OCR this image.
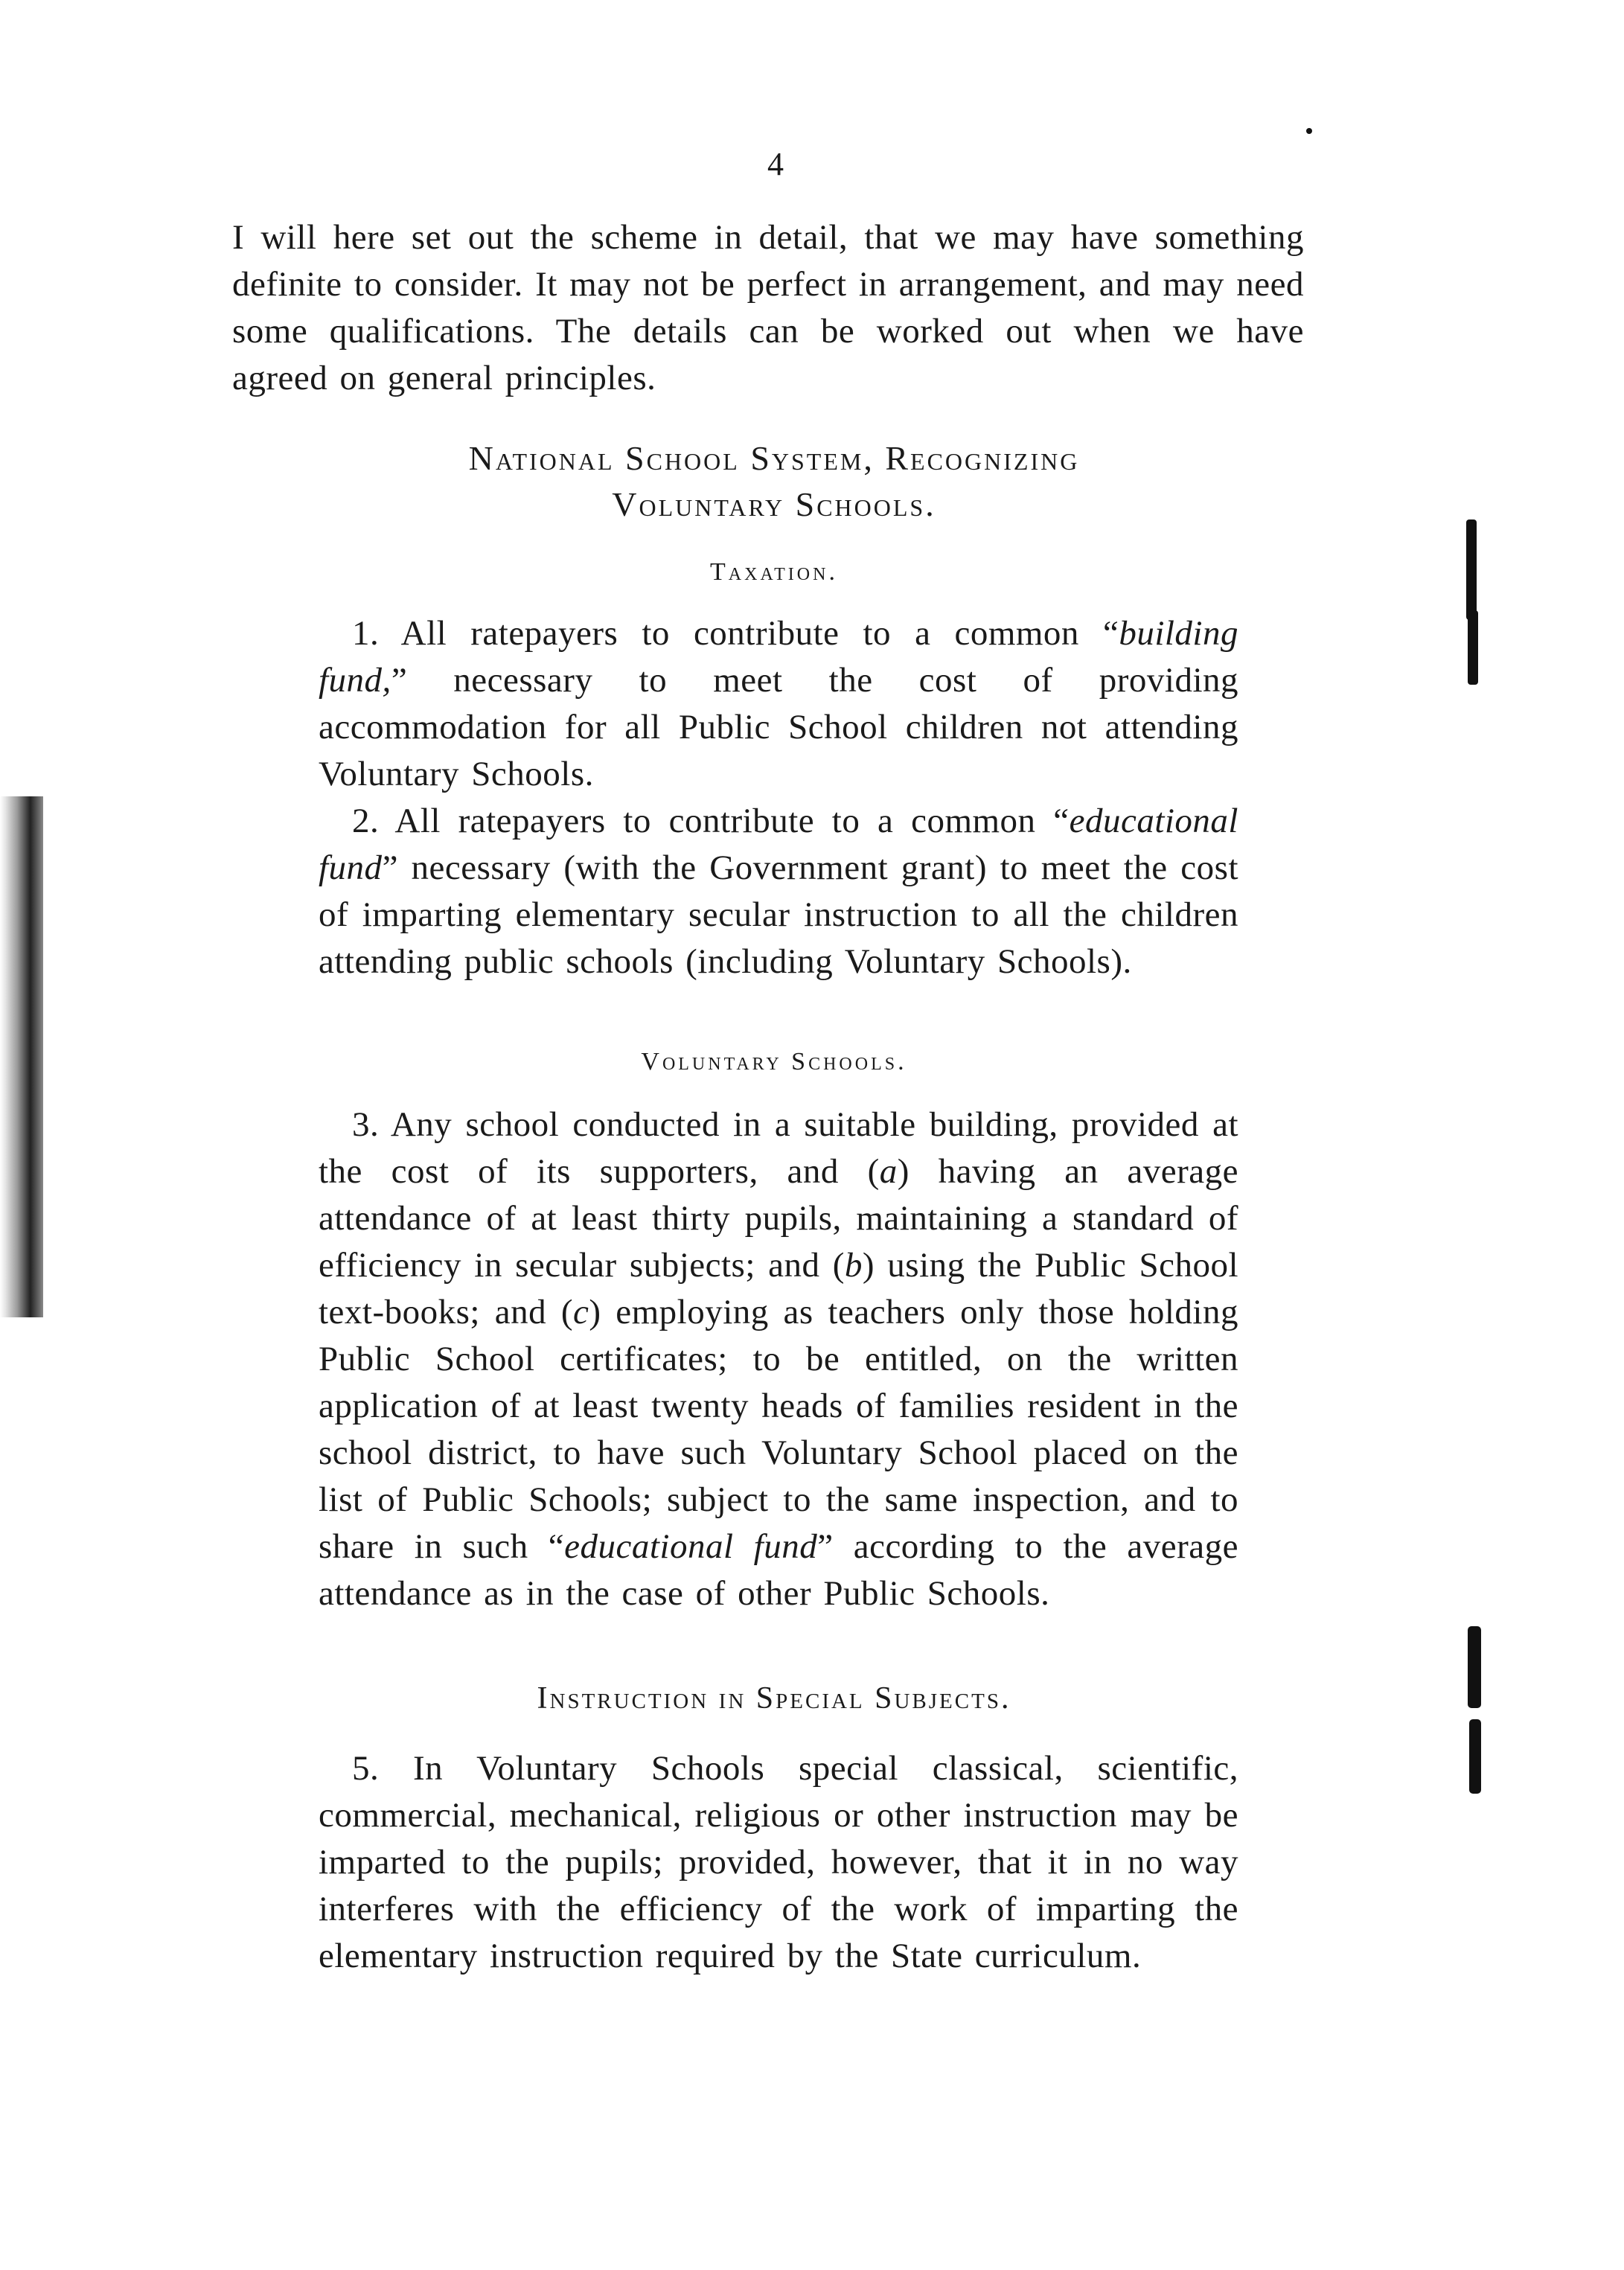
4

I will here set out the scheme in detail, that we may have something definite to consider. It may not be perfect in arrangement, and may need some qualifications. The details can be worked out when we have agreed on general principles.

National School System, Recognizing
Voluntary Schools.
Taxation.

1. All ratepayers to contribute to a common “building fund,” necessary to meet the cost of providing accommodation for all Public School children not attending Voluntary Schools.

2. All ratepayers to contribute to a common “educational fund” necessary (with the Government grant) to meet the cost of imparting elementary secular instruction to all the children attending public schools (including Voluntary Schools).

Voluntary Schools.

3. Any school conducted in a suitable building, provided at the cost of its supporters, and (a) having an average attendance of at least thirty pupils, maintaining a standard of efficiency in secular subjects; and (b) using the Public School text-books; and (c) employing as teachers only those holding Public School certificates; to be entitled, on the written application of at least twenty heads of families resident in the school district, to have such Voluntary School placed on the list of Public Schools; subject to the same inspection, and to share in such “educational fund” according to the average attendance as in the case of other Public Schools.

Instruction in Special Subjects.

5. In Voluntary Schools special classical, scientific, commercial, mechanical, religious or other instruction may be imparted to the pupils; provided, however, that it in no way interferes with the efficiency of the work of imparting the elementary instruction required by the State curriculum.
